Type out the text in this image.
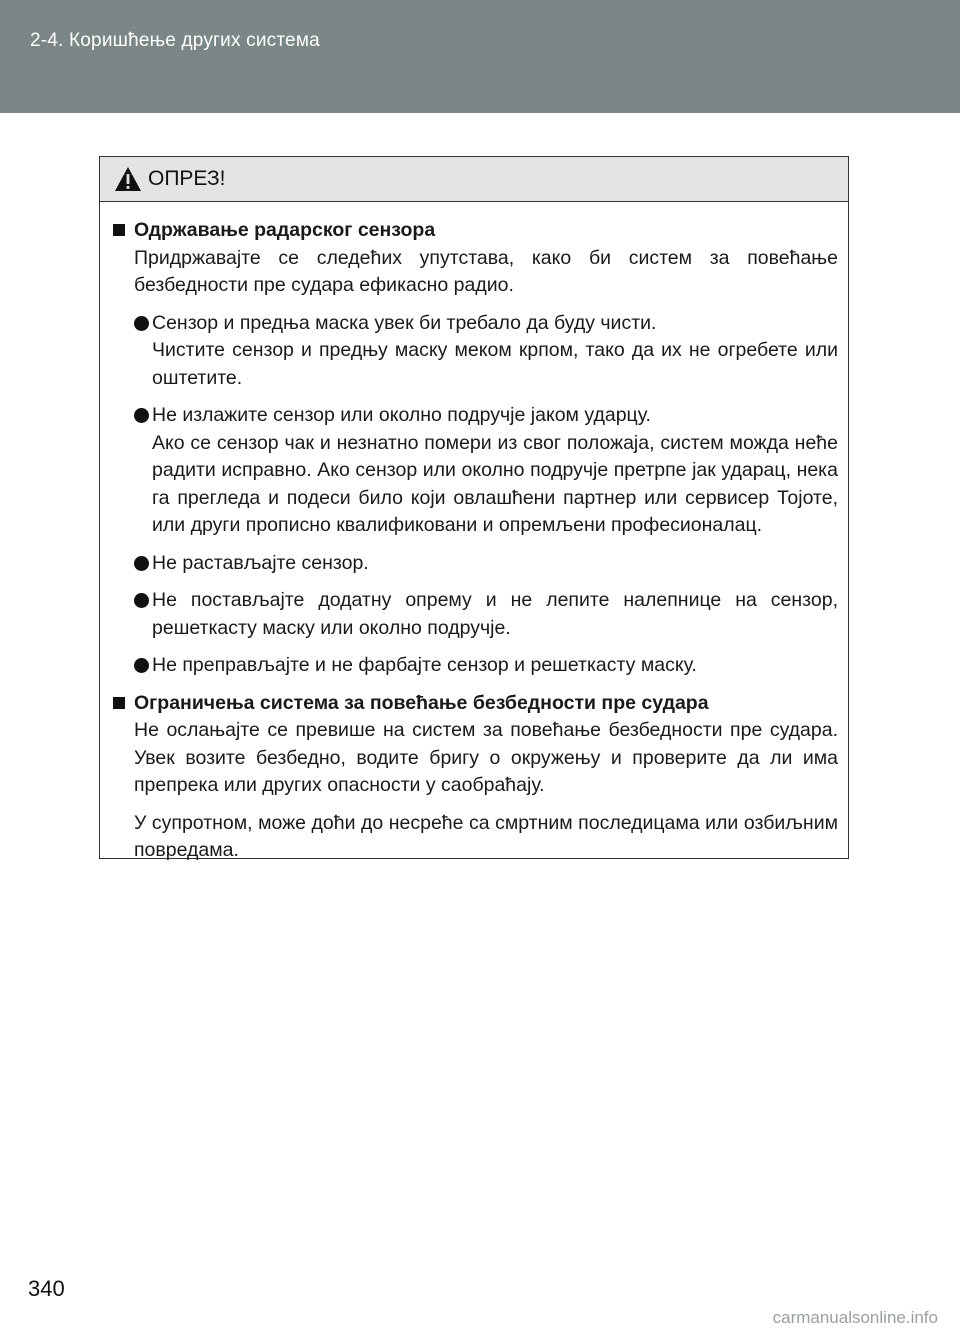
2-4. Коришћење других система
ОПРЕЗ!
Одржавање радарског сензора
Придржавајте се следећих упутстава, како би систем за повећање безбедности пре судара ефикасно радио.
Сензор и предња маска увек би требало да буду чисти.
Чистите сензор и предњу маску меком крпом, тако да их не огребете или оштетите.
Не излажите сензор или околно подручје јаком ударцу.
Ако се сензор чак и незнатно помери из свог положаја, систем можда неће радити исправно. Ако сензор или околно подручје претрпе јак ударац, нека га прегледа и подеси било који овлашћени партнер или сервисер Тојоте, или други прописно квалификовани и опремљени професионалац.
Не растављајте сензор.
Не постављајте додатну опрему и не лепите налепнице на сензор, решеткасту маску или околно подручје.
Не преправљајте и не фарбајте сензор и решеткасту маску.
Ограничења система за повећање безбедности пре судара
Не ослањајте се превише на систем за повећање безбедности пре судара. Увек возите безбедно, водите бригу о окружењу и проверите да ли има препрека или других опасности у саобраћају.
У супротном, може доћи до несреће са смртним последицама или озбиљним повредама.
340
carmanualsonline.info
